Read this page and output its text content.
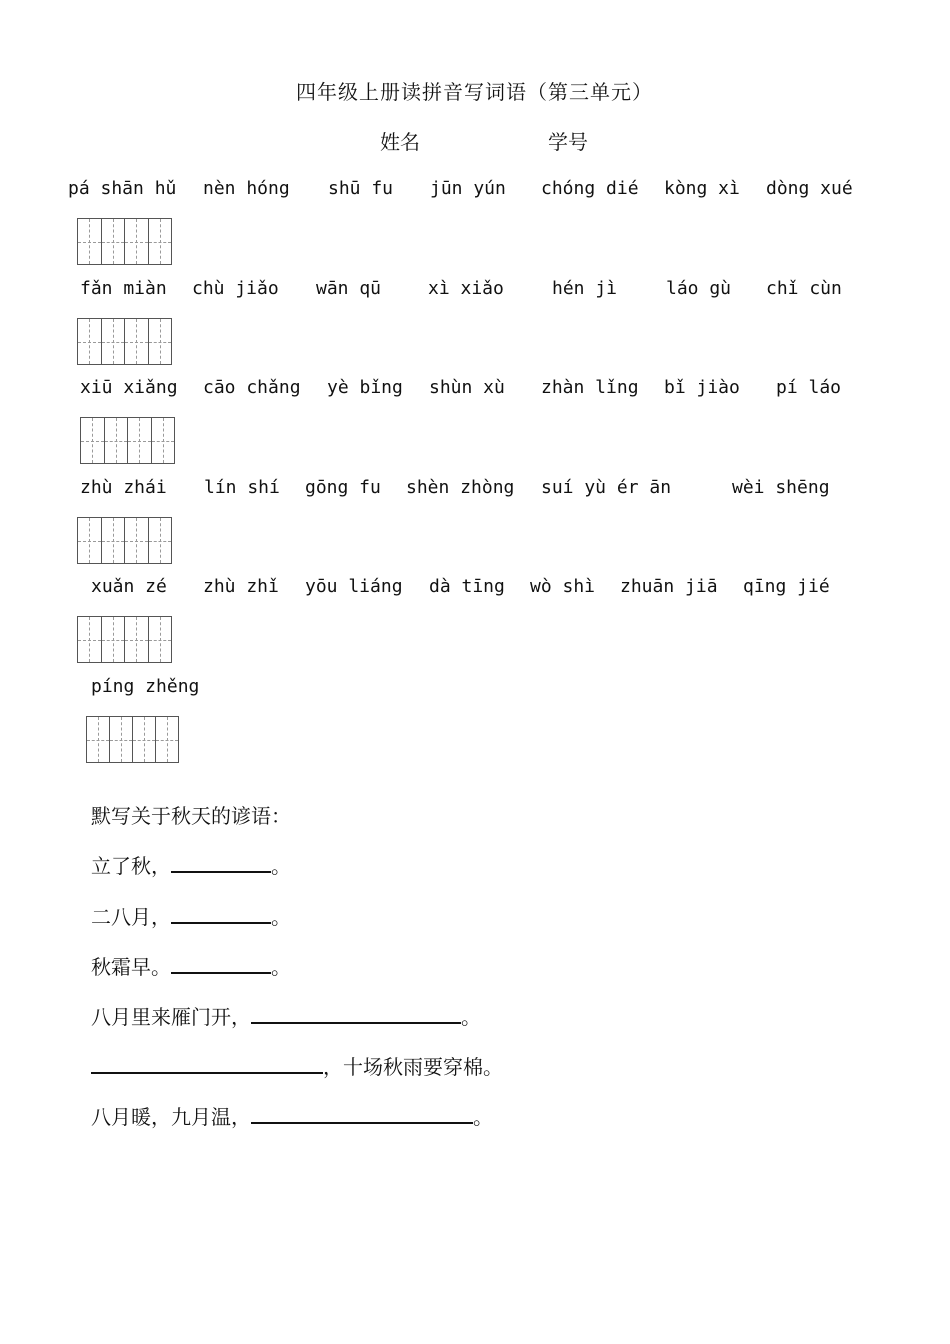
四年级上册读拼音写词语（第三单元）
姓名	学号
pá shān hǔ nèn hóng shū fu jūn yún chóng dié kòng xì dòng xué
fǎn miàn chù jiǎo wān qū	xì xiǎo	hén jì	láo gù chǐ cùn
xiū xiǎng cāo chǎng yè bǐng shùn xù zhàn lǐng bǐ jiào pí láo
zhù zhái lín shí gōng fu shèn zhòng suí yù ér ān	wèi shēng
xuǎn zé zhù zhǐ yōu liáng dà tīng wò shì zhuān jiā qīng jié
píng zhěng
默写关于秋天的谚语：
立了秋，	。
二八月，	。
秋霜早。	。
八月里来雁门开，	。
，十场秋雨要穿棉。
八月暖，九月温，	。
